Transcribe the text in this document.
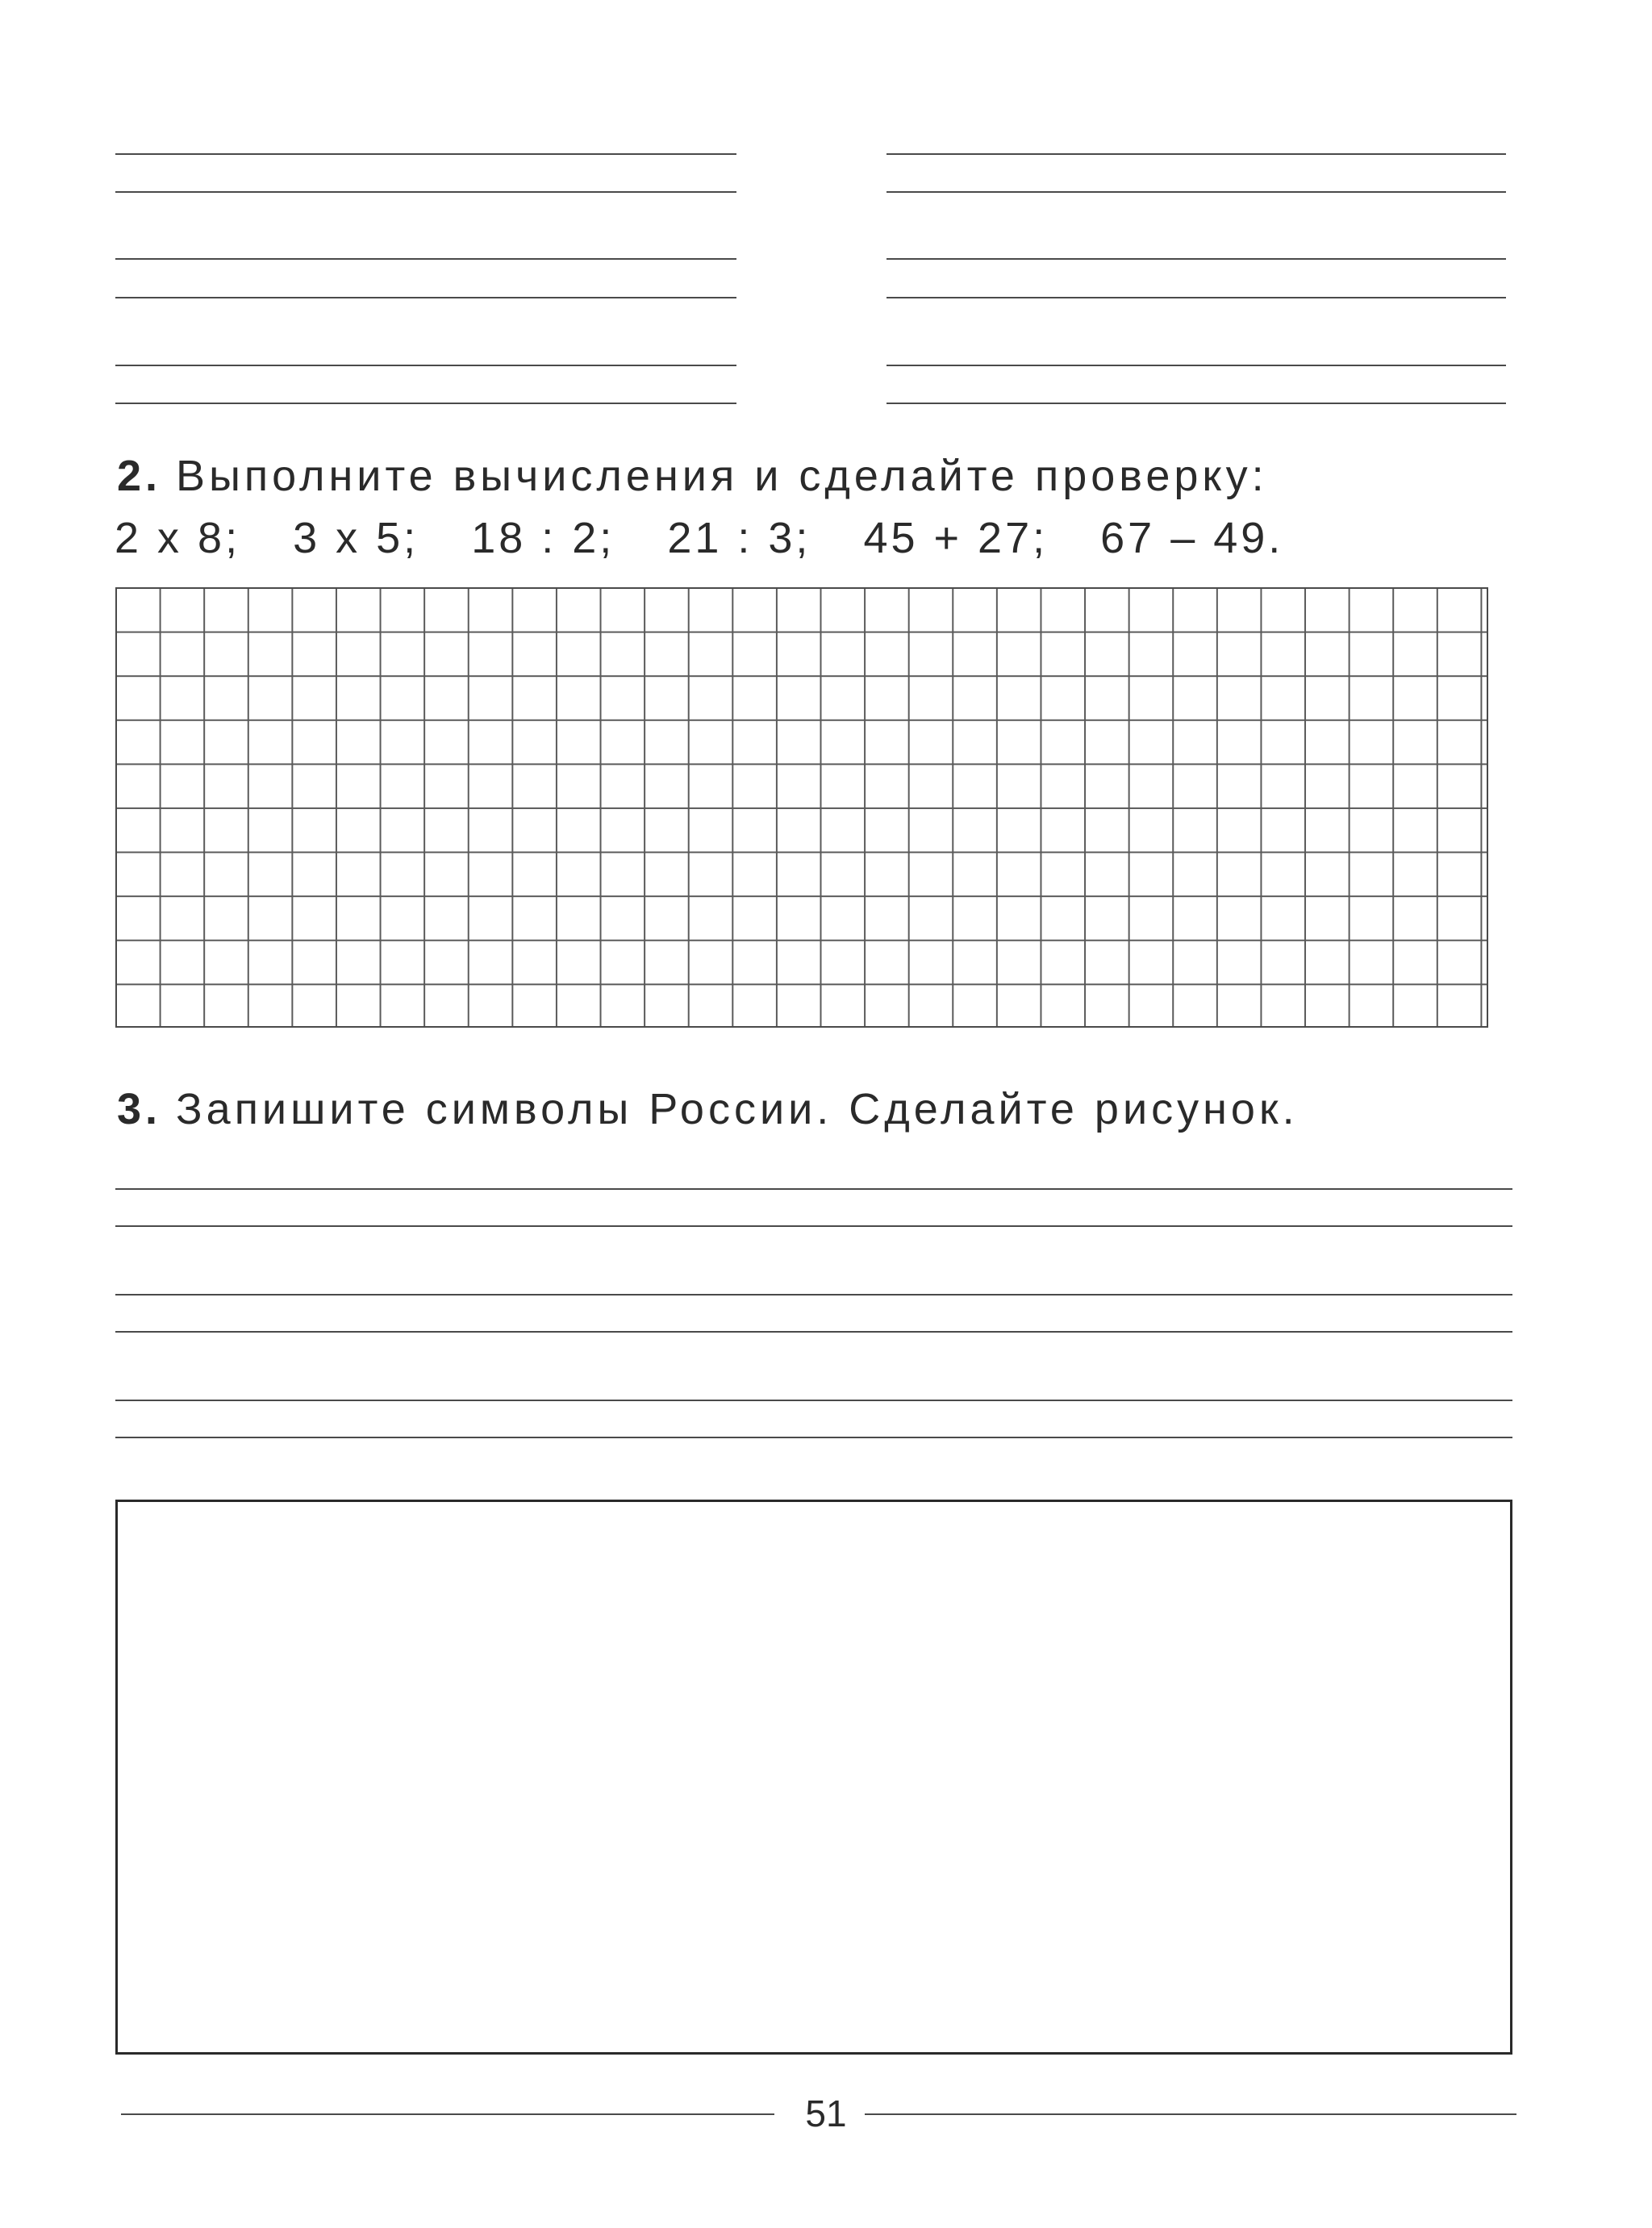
2. Выполните вычисления и сделайте проверку:
2 х 8; 3 х 5; 18 : 2; 21 : 3; 45 + 27; 67 – 49.
3. Запишите символы России. Сделайте рисунок.
51
